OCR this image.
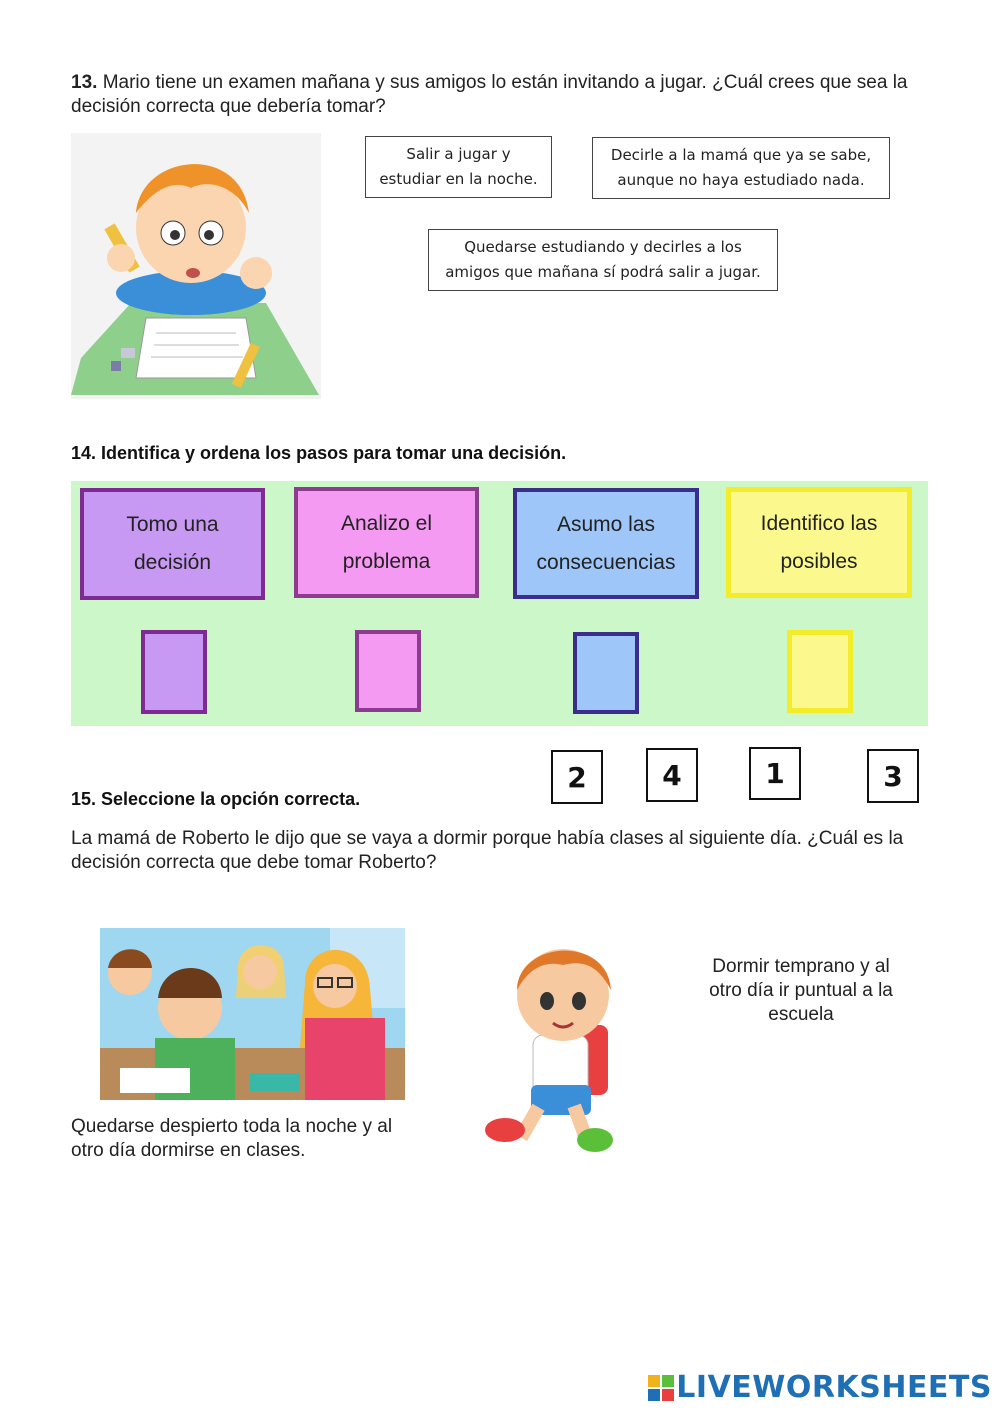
13. Mario tiene un examen mañana y sus amigos lo están invitando a jugar. ¿Cuál crees que sea la decisión correcta que debería tomar?
Salir a jugar y estudiar en la noche.
Decirle a la mamá que ya se sabe, aunque no haya estudiado nada.
Quedarse estudiando y decirles a los amigos que mañana sí podrá salir a jugar.
14. Identifica y ordena los pasos para tomar una decisión.
Tomo una decisión
Analizo el problema
Asumo las consecuencias
Identifico las posibles
2	4	1	3
15. Seleccione la opción correcta.
La mamá de Roberto le dijo que se vaya a dormir porque había clases al siguiente día. ¿Cuál es la decisión correcta que debe tomar Roberto?
Quedarse despierto toda la noche y al otro día dormirse en clases.
Dormir temprano y al otro día ir puntual a la escuela
LIVEWORKSHEETS
